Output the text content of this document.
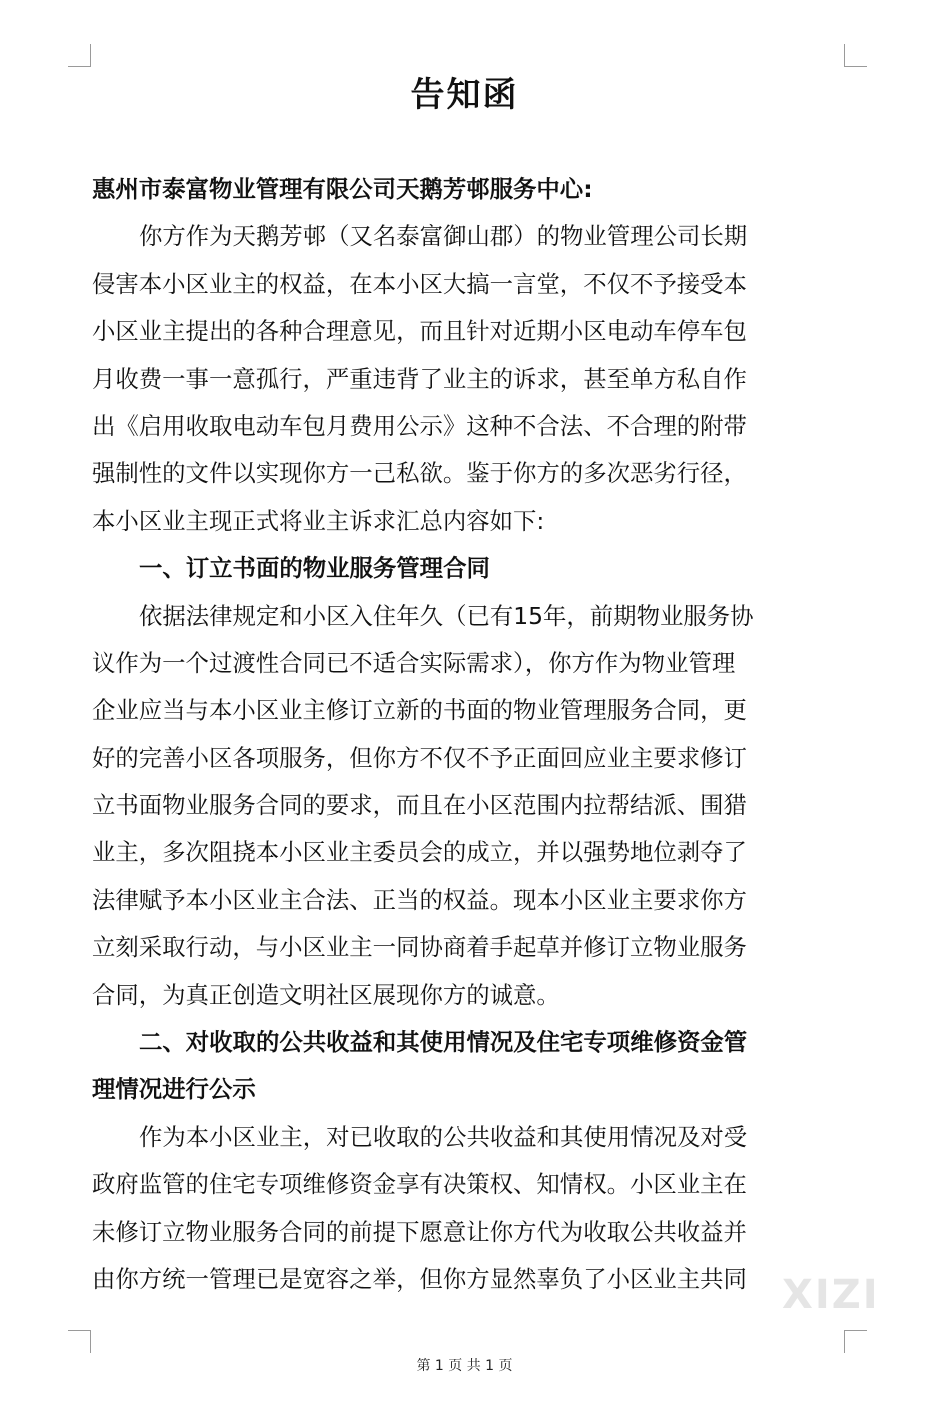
告知函

惠州市泰富物业管理有限公司天鹅芳邨服务中心:

你方作为天鹅芳邨（又名泰富御山郡）的物业管理公司长期

侵害本小区业主的权益，在本小区大搞一言堂，不仅不予接受本

小区业主提出的各种合理意见，而且针对近期小区电动车停车包

月收费一事一意孤行，严重违背了业主的诉求，甚至单方私自作

出《启用收取电动车包月费用公示》这种不合法、不合理的附带

强制性的文件以实现你方一己私欲。鉴于你方的多次恶劣行径，

本小区业主现正式将业主诉求汇总内容如下:

一、订立书面的物业服务管理合同

依据法律规定和小区入住年久（已有15年，前期物业服务协

议作为一个过渡性合同已不适合实际需求），你方作为物业管理

企业应当与本小区业主修订立新的书面的物业管理服务合同，更

好的完善小区各项服务，但你方不仅不予正面回应业主要求修订

立书面物业服务合同的要求，而且在小区范围内拉帮结派、围猎

业主，多次阻挠本小区业主委员会的成立，并以强势地位剥夺了

法律赋予本小区业主合法、正当的权益。现本小区业主要求你方

立刻采取行动，与小区业主一同协商着手起草并修订立物业服务

合同，为真正创造文明社区展现你方的诚意。

二、对收取的公共收益和其使用情况及住宅专项维修资金管

理情况进行公示

作为本小区业主，对已收取的公共收益和其使用情况及对受

政府监管的住宅专项维修资金享有决策权、知情权。小区业主在

未修订立物业服务合同的前提下愿意让你方代为收取公共收益并

由你方统一管理已是宽容之举，但你方显然辜负了小区业主共同 XIZI
第 1 页 共 1 页
